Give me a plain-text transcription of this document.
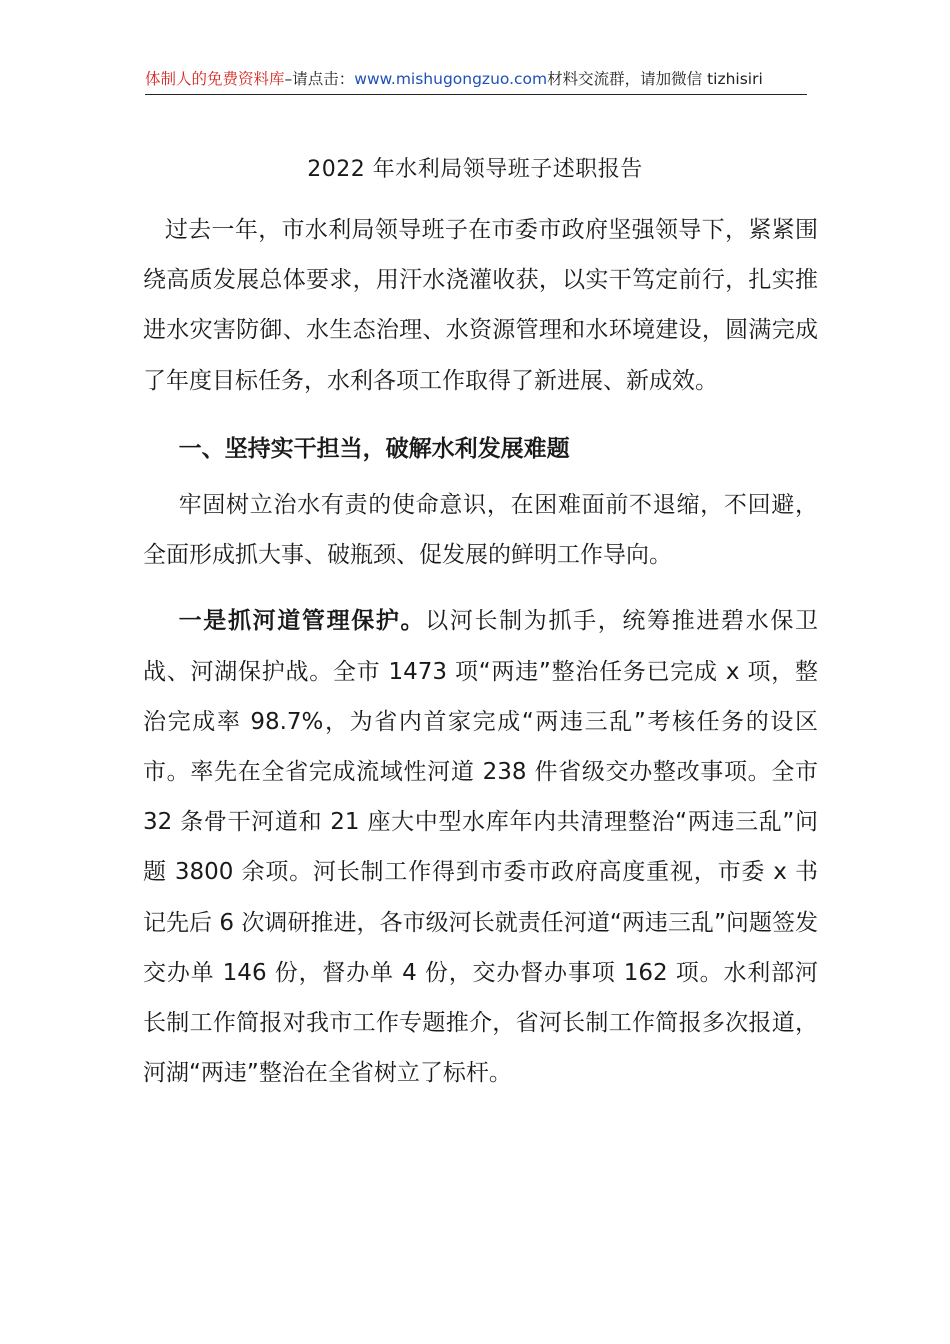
体制人的免费资料库–请点击：www.mishugongzuo.com材料交流群，请加微信 tizhisiri
2022 年水利局领导班子述职报告

过去一年，市水利局领导班子在市委市政府坚强领导下，紧紧围绕高质发展总体要求，用汗水浇灌收获，以实干笃定前行，扎实推进水灾害防御、水生态治理、水资源管理和水环境建设，圆满完成了年度目标任务，水利各项工作取得了新进展、新成效。

一、坚持实干担当，破解水利发展难题

牢固树立治水有责的使命意识，在困难面前不退缩，不回避，全面形成抓大事、破瓶颈、促发展的鲜明工作导向。

一是抓河道管理保护。以河长制为抓手，统筹推进碧水保卫战、河湖保护战。全市 1473 项“两违”整治任务已完成 x 项，整治完成率 98.7%，为省内首家完成“两违三乱”考核任务的设区市。率先在全省完成流域性河道 238 件省级交办整改事项。全市 32 条骨干河道和 21 座大中型水库年内共清理整治“两违三乱”问题 3800 余项。河长制工作得到市委市政府高度重视，市委 x 书记先后 6 次调研推进，各市级河长就责任河道“两违三乱”问题签发交办单 146 份，督办单 4 份，交办督办事项 162 项。水利部河长制工作简报对我市工作专题推介，省河长制工作简报多次报道，河湖“两违”整治在全省树立了标杆。
